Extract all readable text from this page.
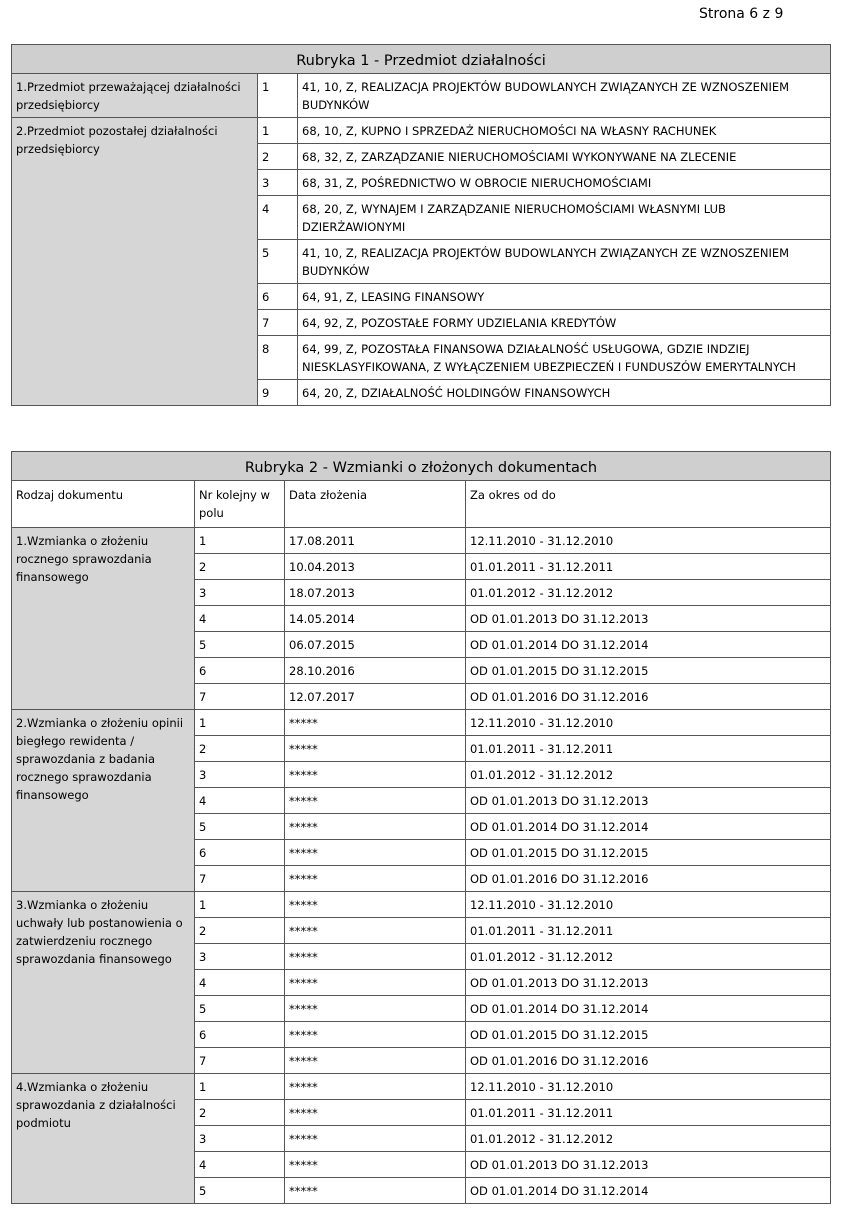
Strona 6 z 9
Rubryka 1 - Przedmiot działalności		
1.Przedmiot przeważającej działalności przedsiębiorcy	1	41, 10, Z, REALIZACJA PROJEKTÓW BUDOWLANYCH ZWIĄZANYCH ZE WZNOSZENIEM BUDYNKÓW
2.Przedmiot pozostałej działalności przedsiębiorcy	1	68, 10, Z, KUPNO I SPRZEDAŻ NIERUCHOMOŚCI NA WŁASNY RACHUNEK
	2	68, 32, Z, ZARZĄDZANIE NIERUCHOMOŚCIAMI WYKONYWANE NA ZLECENIE
	3	68, 31, Z, POŚREDNICTWO W OBROCIE NIERUCHOMOŚCIAMI
	4	68, 20, Z, WYNAJEM I ZARZĄDZANIE NIERUCHOMOŚCIAMI WŁASNYMI LUB DZIERŻAWIONYMI
	5	41, 10, Z, REALIZACJA PROJEKTÓW BUDOWLANYCH ZWIĄZANYCH ZE WZNOSZENIEM BUDYNKÓW
	6	64, 91, Z, LEASING FINANSOWY
	7	64, 92, Z, POZOSTAŁE FORMY UDZIELANIA KREDYTÓW
	8	64, 99, Z, POZOSTAŁA FINANSOWA DZIAŁALNOŚĆ USŁUGOWA, GDZIE INDZIEJ NIESKLASYFIKOWANA, Z WYŁĄCZENIEM UBEZPIECZEŃ I FUNDUSZÓW EMERYTALNYCH
	9	64, 20, Z, DZIAŁALNOŚĆ HOLDINGÓW FINANSOWYCH
Rubryka 2 - Wzmianki o złożonych dokumentach			
Rodzaj dokumentu	Nr kolejny w polu	Data złożenia	Za okres od do
1.Wzmianka o złożeniu rocznego sprawozdania finansowego	1	17.08.2011	12.11.2010 - 31.12.2010
	2	10.04.2013	01.01.2011 - 31.12.2011
	3	18.07.2013	01.01.2012 - 31.12.2012
	4	14.05.2014	OD 01.01.2013 DO 31.12.2013
	5	06.07.2015	OD 01.01.2014 DO 31.12.2014
	6	28.10.2016	OD 01.01.2015 DO 31.12.2015
	7	12.07.2017	OD 01.01.2016 DO 31.12.2016
2.Wzmianka o złożeniu opinii biegłego rewidenta / sprawozdania z badania rocznego sprawozdania finansowego	1	*****	12.11.2010 - 31.12.2010
	2	*****	01.01.2011 - 31.12.2011
	3	*****	01.01.2012 - 31.12.2012
	4	*****	OD 01.01.2013 DO 31.12.2013
	5	*****	OD 01.01.2014 DO 31.12.2014
	6	*****	OD 01.01.2015 DO 31.12.2015
	7	*****	OD 01.01.2016 DO 31.12.2016
3.Wzmianka o złożeniu uchwały lub postanowienia o zatwierdzeniu rocznego sprawozdania finansowego	1	*****	12.11.2010 - 31.12.2010
	2	*****	01.01.2011 - 31.12.2011
	3	*****	01.01.2012 - 31.12.2012
	4	*****	OD 01.01.2013 DO 31.12.2013
	5	*****	OD 01.01.2014 DO 31.12.2014
	6	*****	OD 01.01.2015 DO 31.12.2015
	7	*****	OD 01.01.2016 DO 31.12.2016
4.Wzmianka o złożeniu sprawozdania z działalności podmiotu	1	*****	12.11.2010 - 31.12.2010
	2	*****	01.01.2011 - 31.12.2011
	3	*****	01.01.2012 - 31.12.2012
	4	*****	OD 01.01.2013 DO 31.12.2013
	5	*****	OD 01.01.2014 DO 31.12.2014
